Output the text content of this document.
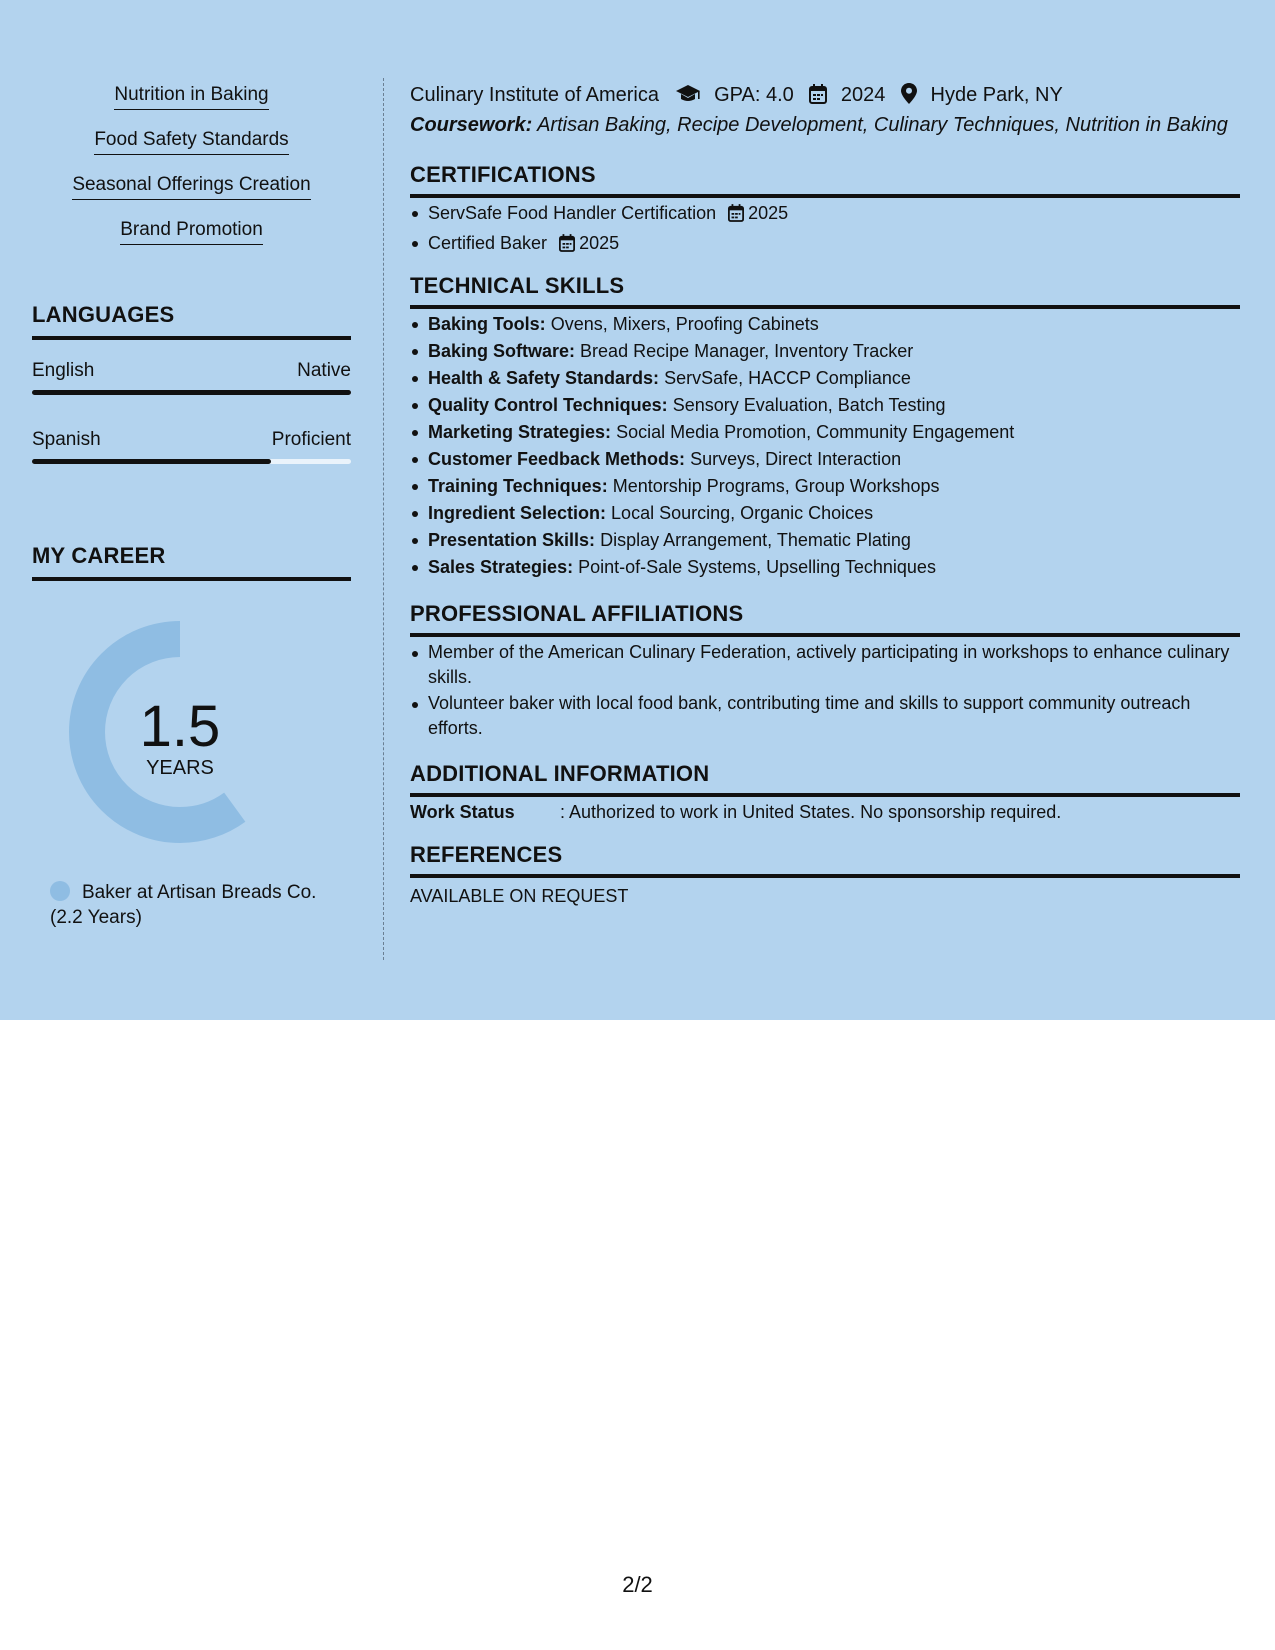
Nutrition in Baking
Food Safety Standards
Seasonal Offerings Creation
Brand Promotion
LANGUAGES
English	Native
Spanish	Proficient
MY CAREER
1.5
YEARS
Baker at Artisan Breads Co. (2.2 Years)
Culinary Institute of America	GPA: 4.0 2024 Hyde Park, NY
Coursework: Artisan Baking, Recipe Development, Culinary Techniques, Nutrition in Baking
CERTIFICATIONS
ServSafe Food Handler Certification 2025
Certified Baker 2025
TECHNICAL SKILLS
Baking Tools: Ovens, Mixers, Proofing Cabinets
Baking Software: Bread Recipe Manager, Inventory Tracker
Health & Safety Standards: ServSafe, HACCP Compliance
Quality Control Techniques: Sensory Evaluation, Batch Testing
Marketing Strategies: Social Media Promotion, Community Engagement
Customer Feedback Methods: Surveys, Direct Interaction
Training Techniques: Mentorship Programs, Group Workshops
Ingredient Selection: Local Sourcing, Organic Choices
Presentation Skills: Display Arrangement, Thematic Plating
Sales Strategies: Point-of-Sale Systems, Upselling Techniques
PROFESSIONAL AFFILIATIONS
Member of the American Culinary Federation, actively participating in workshops to enhance culinary skills.
Volunteer baker with local food bank, contributing time and skills to support community outreach efforts.
ADDITIONAL INFORMATION
Work Status	: Authorized to work in United States. No sponsorship required.
REFERENCES
AVAILABLE ON REQUEST
2/2
